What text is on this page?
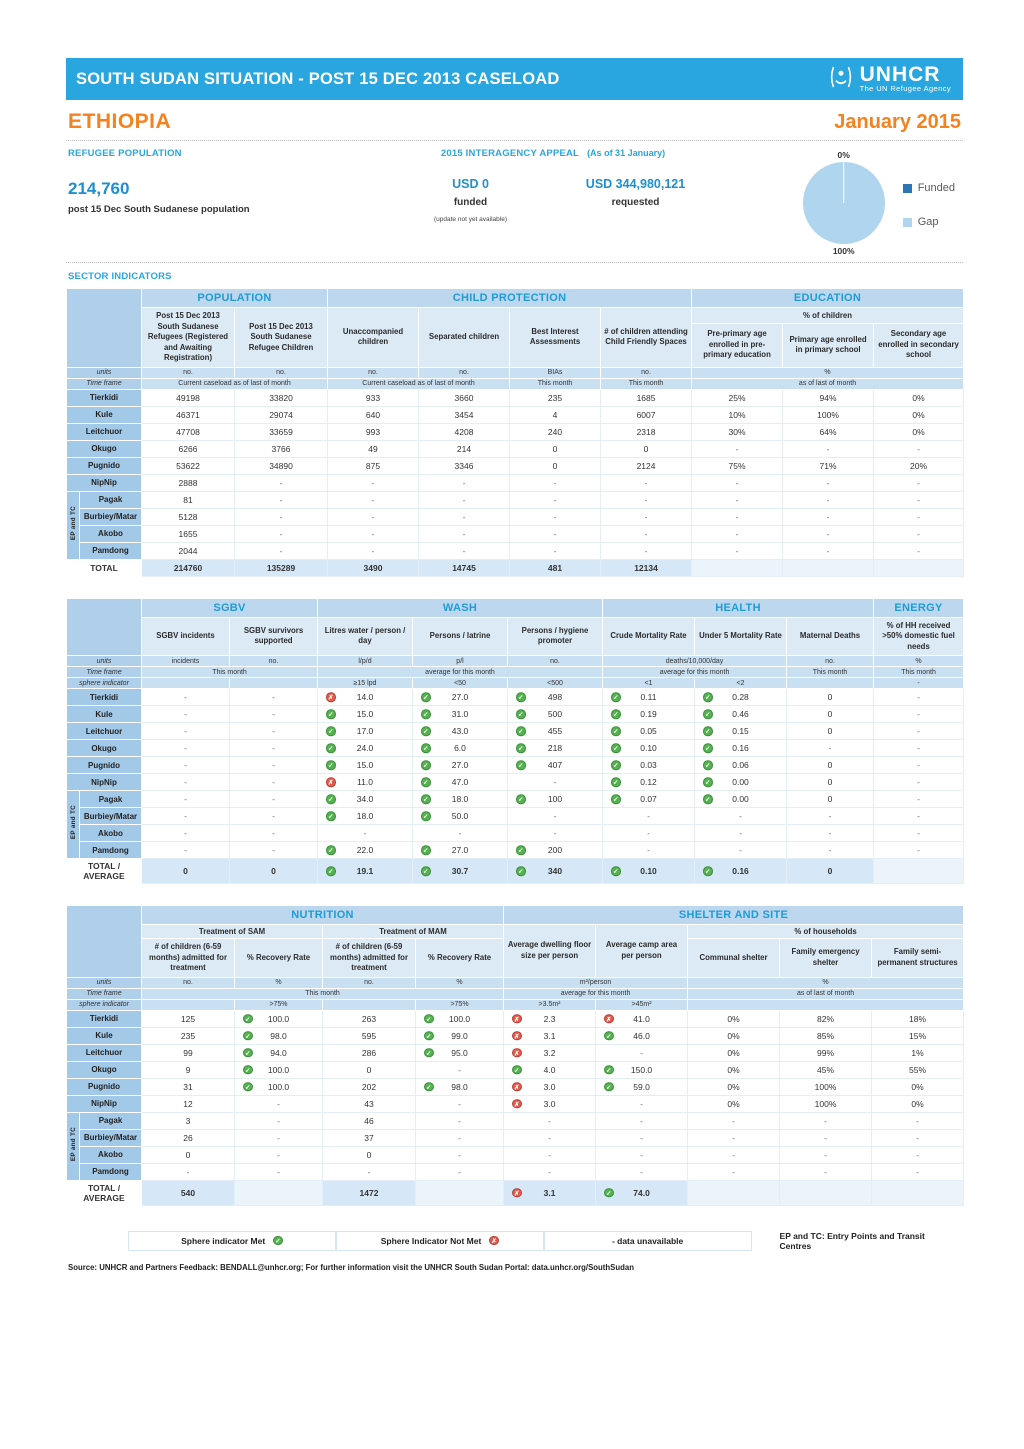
SOUTH SUDAN SITUATION - POST 15 DEC 2013 CASELOAD	UNHCR
The UN Refugee Agency
ETHIOPIA	January 2015
REFUGEE POPULATION
214,760
post 15 Dec South Sudanese population
2015 INTERAGENCY APPEAL (As of 31 January)
USD 0
funded
(update not yet available)
USD 344,980,121
requested
0%
100%
Funded
Gap
SECTOR INDICATORS
		POPULATION		CHILD PROTECTION				EDUCATION		
		Post 15 Dec 2013 South Sudanese Refugees (Registered and Awaiting Registration)	Post 15 Dec 2013 South Sudanese Refugee Children	Unaccompanied children	Separated children	Best Interest Assessments	# of children attending Child Friendly Spaces	% of children		
								Pre-primary age enrolled in pre-primary education	Primary age enrolled in primary school	Secondary age enrolled in secondary school
units		no.	no.	no.	no.	BIAs	no.	%		
Time frame		Current caseload as of last of month		Current caseload as of last of month		This month	This month	as of last of month		
Tierkidi		49198	33820	933	3660	235	1685	25%	94%	0%

Kule		46371	29074	640	3454	4	6007	10%	100%	0%

Leitchuor		47708	33659	993	4208	240	2318	30%	64%	0%

Okugo		6266	3766	49	214	0	0	-	-	-

Pugnido		53622	34890	875	3346	0	2124	75%	71%	20%

NipNip		2888	-	-	-	-	-	-	-	-

EP and TC	Pagak	81	-	-	-	-	-	-	-	-

	Burbiey/Matar	5128	-	-	-	-	-	-	-	-

	Akobo	1655	-	-	-	-	-	-	-	-

	Pamdong	2044	-	-	-	-	-	-	-	-

TOTAL		214760	135289	3490	14745	481	12134			

		SGBV		WASH			HEALTH			ENERGY
		SGBV incidents	SGBV survivors supported	Litres water / person / day	Persons / latrine	Persons / hygiene promoter	Crude Mortality Rate	Under 5 Mortality Rate	Maternal Deaths	% of HH received >50% domestic fuel needs
units		incidents	no.	l/p/d	p/l	no.	deaths/10,000/day		no.	%
Time frame		This month		average for this month			average for this month		This month	This month
sphere indicator				≥15 lpd	<50	<500	<1	<2		-
Tierkidi		-	-	✗ 14.0	✓ 27.0	✓ 498	✓ 0.11	✓ 0.28	0	-

Kule		-	-	✓ 15.0	✓ 31.0	✓ 500	✓ 0.19	✓ 0.46	0	-

Leitchuor		-	-	✓ 17.0	✓ 43.0	✓ 455	✓ 0.05	✓ 0.15	0	-

Okugo		-	-	✓ 24.0	✓ 6.0	✓ 218	✓ 0.10	✓ 0.16	-	-

Pugnido		-	-	✓ 15.0	✓ 27.0	✓ 407	✓ 0.03	✓ 0.06	0	-

NipNip		-	-	✗ 11.0	✓ 47.0	-	✓ 0.12	✓ 0.00	0	-

EP and TC	Pagak	-	-	✓ 34.0	✓ 18.0	✓ 100	✓ 0.07	✓ 0.00	0	-

	Burbiey/Matar	-	-	✓ 18.0	✓ 50.0	-	-	-	-	-

	Akobo	-	-	-	-	-	-	-	-	-

	Pamdong	-	-	✓ 22.0	✓ 27.0	✓ 200	-	-	-	-

TOTAL / AVERAGE		0	0	✓ 19.1	✓ 30.7	✓ 340	✓ 0.10	✓ 0.16	0	

		NUTRITION				SHELTER AND SITE				
		Treatment of SAM		Treatment of MAM		Average dwelling floor size per person	Average camp area per person	% of households		
		# of children (6-59 months) admitted for treatment	% Recovery Rate	# of children (6-59 months) admitted for treatment	% Recovery Rate			Communal shelter	Family emergency shelter	Family semi-permanent structures
units		no.	%	no.	%	m²/person		%		
Time frame		This month				average for this month		as of last of month		
sphere indicator			>75%		>75%	>3.5m²	>45m²			
Tierkidi		125	✓ 100.0	263	✓ 100.0	✗ 2.3	✗ 41.0	0%	82%	18%

Kule		235	✓ 98.0	595	✓ 99.0	✗ 3.1	✓ 46.0	0%	85%	15%

Leitchuor		99	✓ 94.0	286	✓ 95.0	✗ 3.2	-	0%	99%	1%

Okugo		9	✓ 100.0	0	-	✓ 4.0	✓ 150.0	0%	45%	55%

Pugnido		31	✓ 100.0	202	✓ 98.0	✗ 3.0	✓ 59.0	0%	100%	0%

NipNip		12	-	43	-	✗ 3.0	-	0%	100%	0%

EP and TC	Pagak	3	-	46	-	-	-	-	-	-

	Burbiey/Matar	26	-	37	-	-	-	-	-	-

	Akobo	0	-	0	-	-	-	-	-	-

	Pamdong	-	-	-	-	-	-	-	-	-

TOTAL / AVERAGE		540		1472		✗ 3.1	✓ 74.0			

Sphere indicator Met	✓	Sphere Indicator Not Met	✗	- data unavailable	EP and TC: Entry Points and Transit Centres
Source: UNHCR and Partners Feedback: BENDALL@unhcr.org; For further information visit the UNHCR South Sudan Portal: data.unhcr.org/SouthSudan
